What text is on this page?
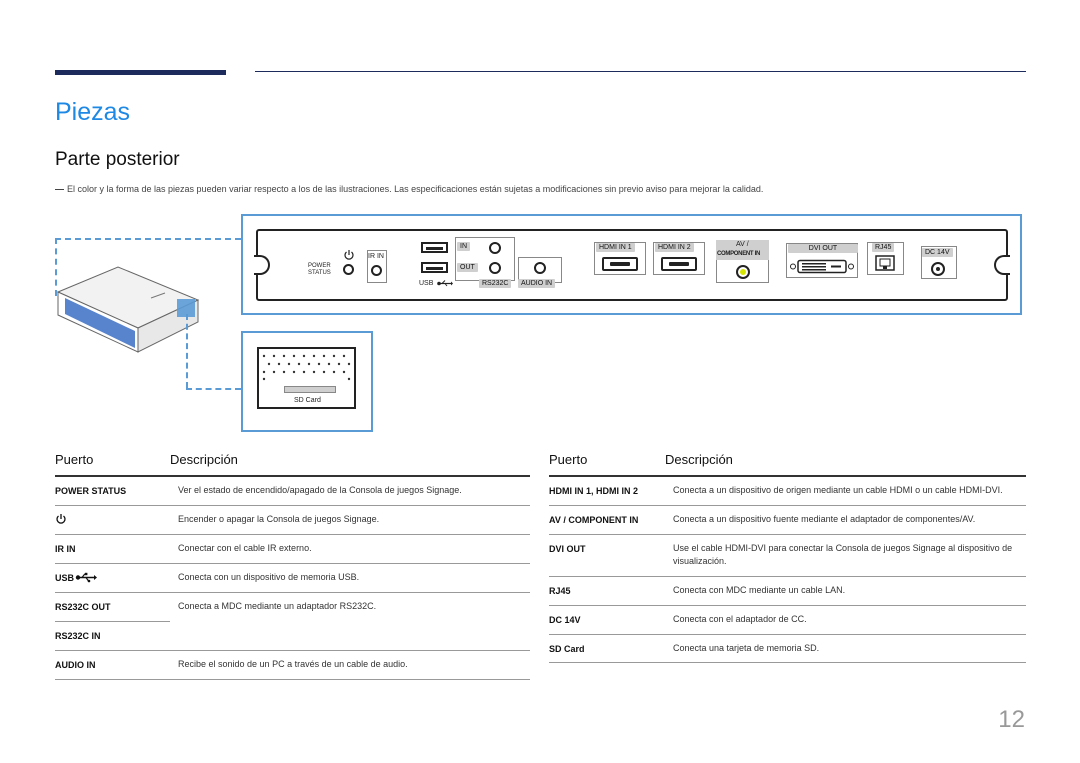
Piezas
Parte posterior
El color y la forma de las piezas pueden variar respecto a los de las ilustraciones. Las especificaciones están sujetas a modificaciones sin previo aviso para mejorar la calidad.
POWER
STATUS
IR IN
USB
IN
OUT
RS232C	AUDIO IN
HDMI IN 1	HDMI IN 2	AV /
COMPONENT IN
DVI OUT	RJ45
DC 14V
SD Card
Puerto	Descripción
POWER STATUS	Ver el estado de encendido/apagado de la Consola de juegos Signage.
Encender o apagar la Consola de juegos Signage.
IR IN	Conectar con el cable IR externo.
USB	Conecta con un dispositivo de memoria USB.
RS232C OUT	Conecta a MDC mediante un adaptador RS232C.
RS232C IN
AUDIO IN	Recibe el sonido de un PC a través de un cable de audio.
Puerto	Descripción
HDMI IN 1, HDMI IN 2	Conecta a un dispositivo de origen mediante un cable HDMI o un cable HDMI-DVI.
AV / COMPONENT IN	Conecta a un dispositivo fuente mediante el adaptador de componentes/AV.
DVI OUT	Use el cable HDMI-DVI para conectar la Consola de juegos Signage al dispositivo de visualización.
RJ45	Conecta con MDC mediante un cable LAN.
DC 14V	Conecta con el adaptador de CC.
SD Card	Conecta una tarjeta de memoria SD.
12
